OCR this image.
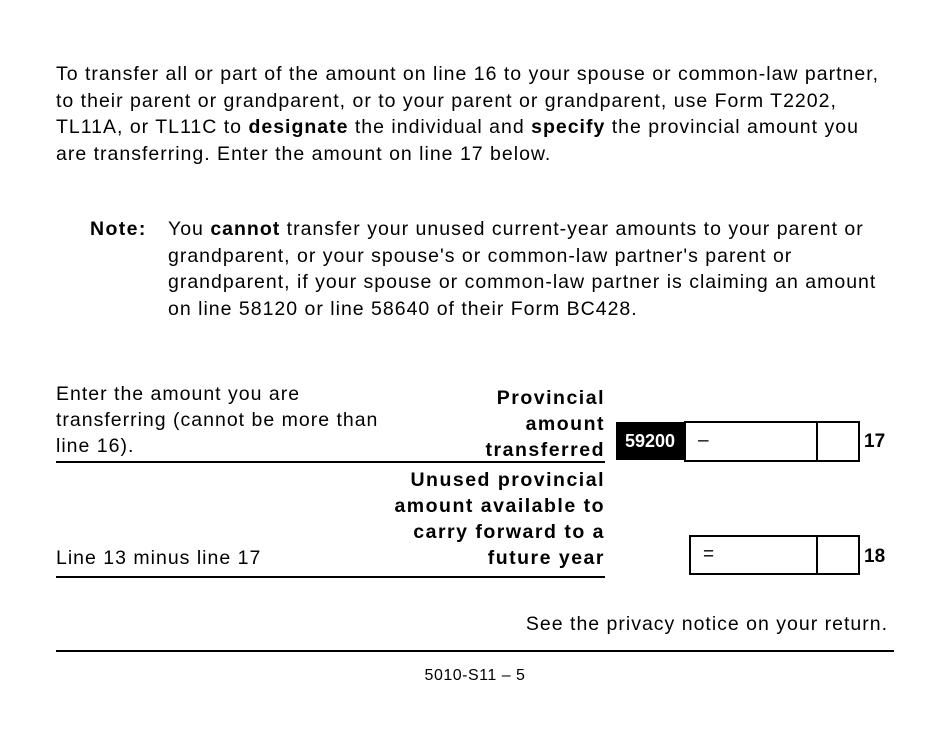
To transfer all or part of the amount on line 16 to your spouse or common-law partner, to their parent or grandparent, or to your parent or grandparent, use Form T2202, TL11A, or TL11C to designate the individual and specify the provincial amount you are transferring. Enter the amount on line 17 below.

Note: You cannot transfer your unused current-year amounts to your parent or grandparent, or your spouse's or common-law partner's parent or grandparent, if your spouse or common-law partner is claiming an amount on line 58120 or line 58640 of their Form BC428.

Enter the amount you are transferring (cannot be more than line 16).
Provincial
amount
transferred	59200	–	17
Line 13 minus line 17
Unused provincial
amount available to
carry forward to a
future year	=	18
See the privacy notice on your return.
5010-S11 – 5
